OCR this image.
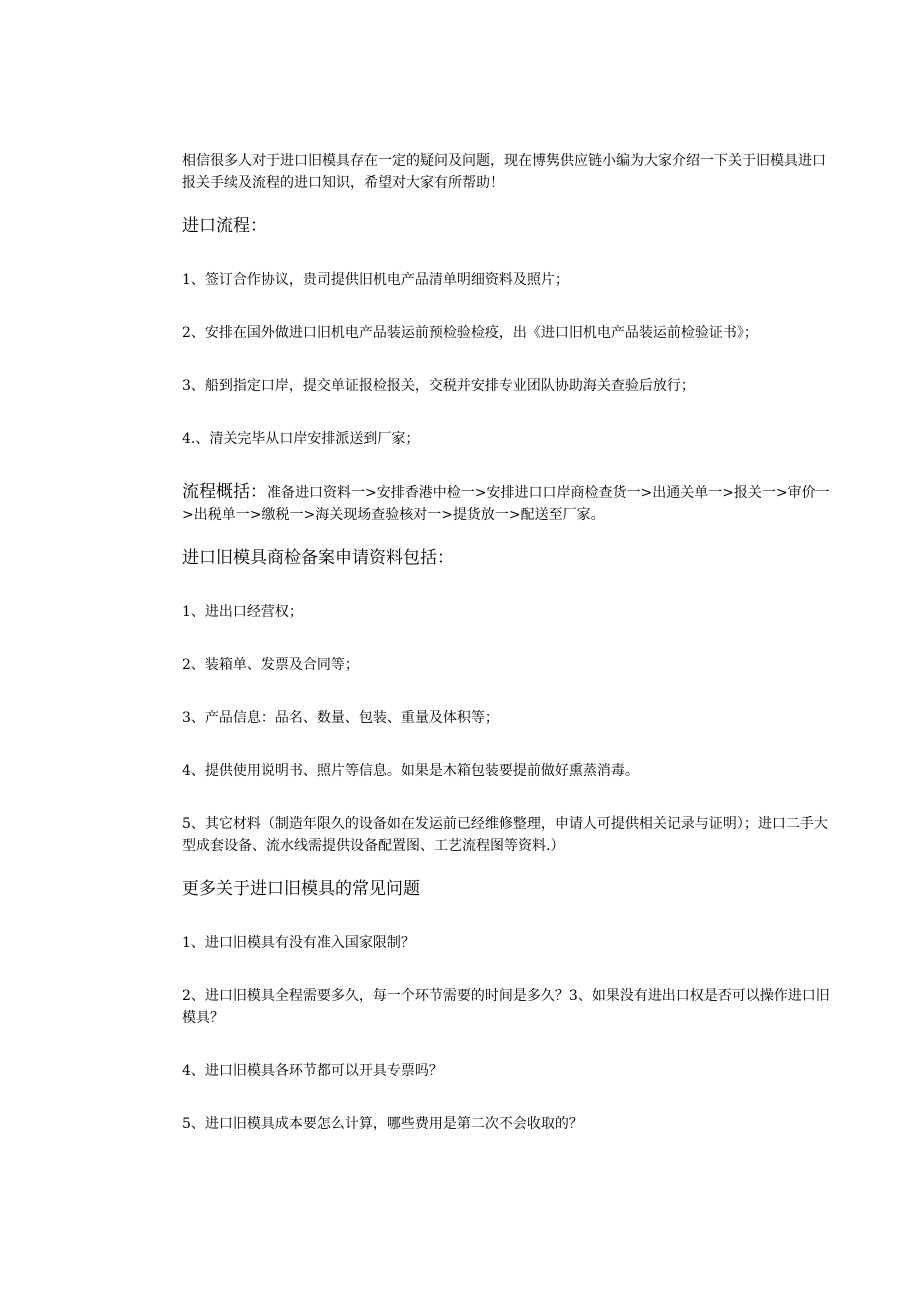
相信很多人对于进口旧模具存在一定的疑问及问题，现在博隽供应链小编为大家介绍一下关于旧模具进口报关手续及流程的进口知识，希望对大家有所帮助！

进口流程：

1、签订合作协议，贵司提供旧机电产品清单明细资料及照片；

2、安排在国外做进口旧机电产品装运前预检验检疫，出《进口旧机电产品装运前检验证书》；

3、船到指定口岸，提交单证报检报关，交税并安排专业团队协助海关查验后放行；

4.、清关完毕从口岸安排派送到厂家；

流程概括：准备进口资料一>安排香港中检一>安排进口口岸商检查货一>出通关单一>报关一>审价一>出税单一>缴税一>海关现场查验核对一>提货放一>配送至厂家。

进口旧模具商检备案申请资料包括：

1、进出口经营权；

2、装箱单、发票及合同等；

3、产品信息：品名、数量、包装、重量及体积等；

4、提供使用说明书、照片等信息。如果是木箱包装要提前做好熏蒸消毒。

5、其它材料（制造年限久的设备如在发运前已经维修整理，申请人可提供相关记录与证明）；进口二手大型成套设备、流水线需提供设备配置图、工艺流程图等资料.）

更多关于进口旧模具的常见问题

1、进口旧模具有没有准入国家限制？

2、进口旧模具全程需要多久，每一个环节需要的时间是多久？3、如果没有进出口权是否可以操作进口旧模具？

4、进口旧模具各环节都可以开具专票吗？

5、进口旧模具成本要怎么计算，哪些费用是第二次不会收取的？
